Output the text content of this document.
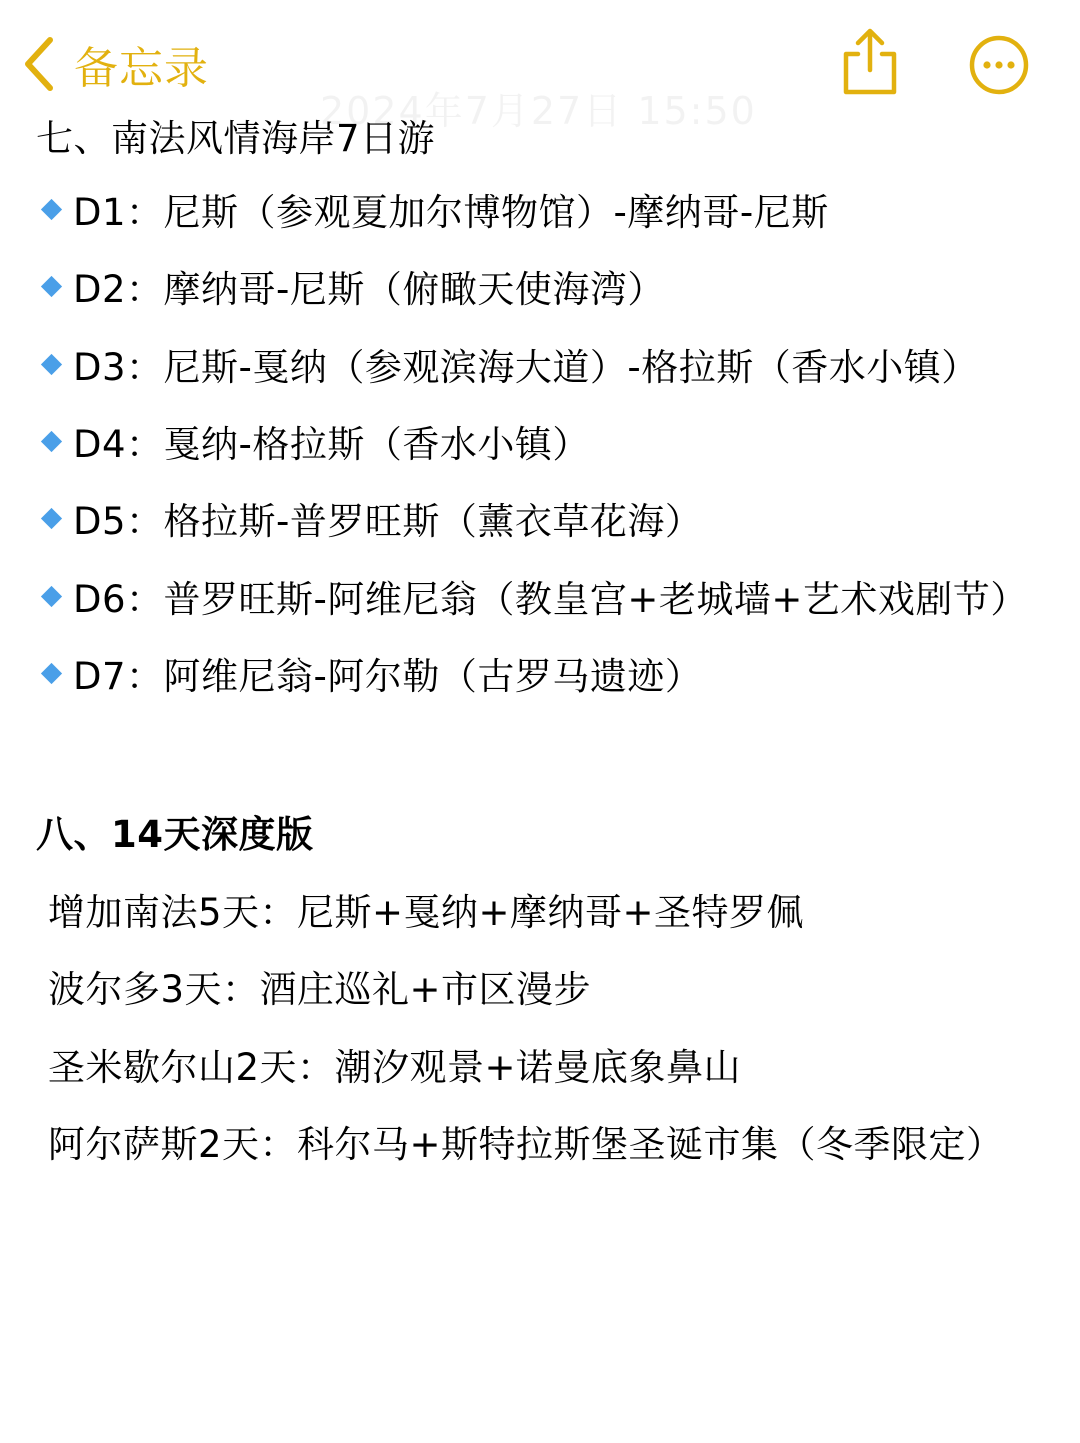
备忘录
2024年7月27日 15:50
七、南法风情海岸7日游
D1：尼斯（参观夏加尔博物馆）-摩纳哥-尼斯
D2：摩纳哥-尼斯（俯瞰天使海湾）
D3：尼斯-戛纳（参观滨海大道）-格拉斯（香水小镇）
D4：戛纳-格拉斯（香水小镇）
D5：格拉斯-普罗旺斯（薰衣草花海）
D6：普罗旺斯-阿维尼翁（教皇宫+老城墙+艺术戏剧节）
D7：阿维尼翁-阿尔勒（古罗马遗迹）
八、14天深度版
增加南法5天：尼斯+戛纳+摩纳哥+圣特罗佩
波尔多3天：酒庄巡礼+市区漫步
圣米歇尔山2天：潮汐观景+诺曼底象鼻山
阿尔萨斯2天：科尔马+斯特拉斯堡圣诞市集（冬季限定）
